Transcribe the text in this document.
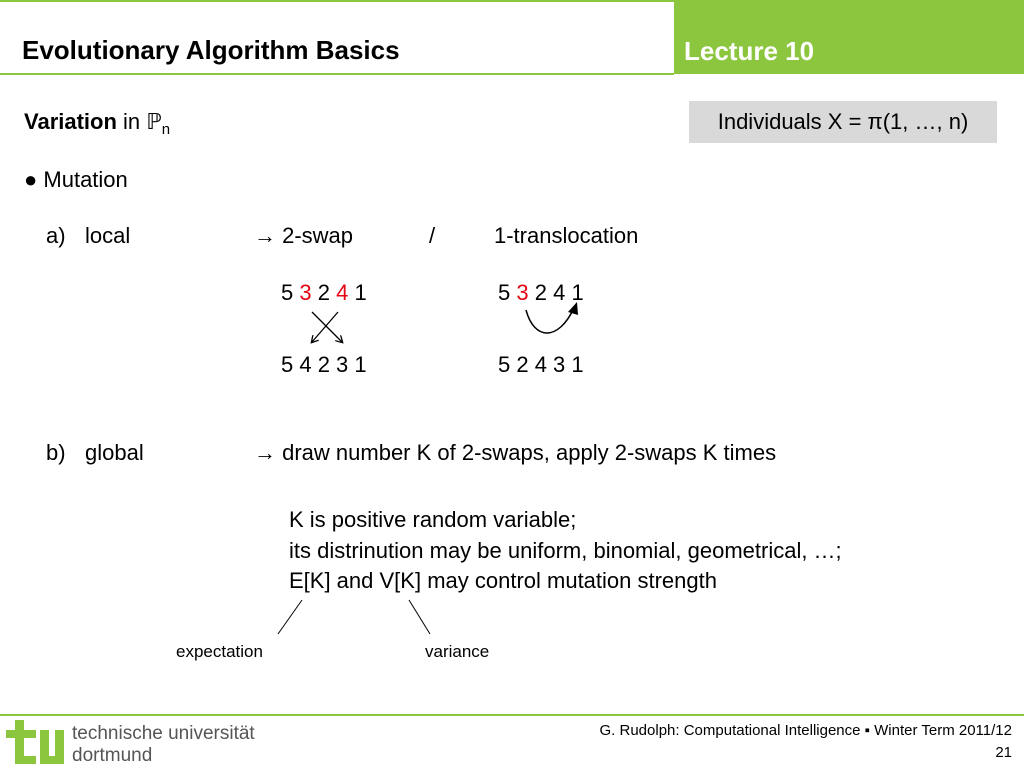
Evolutionary Algorithm Basics	Lecture 10
Variation in ℙ$_n$	Individuals X = π(1, …, n)
● Mutation
a) local	→ 2-swap	/	1-translocation
5 3 2 4 1
5 4 2 3 1
5 3 2 4 1
5 2 4 3 1
b) global	→ draw number K of 2-swaps, apply 2-swaps K times
K is positive random variable;
its distrinution may be uniform, binomial, geometrical, …;
E[K] and V[K] may control mutation strength
expectation	variance
technische universität
dortmund
G. Rudolph: Computational Intelligence ▪ Winter Term 2011/12
21
